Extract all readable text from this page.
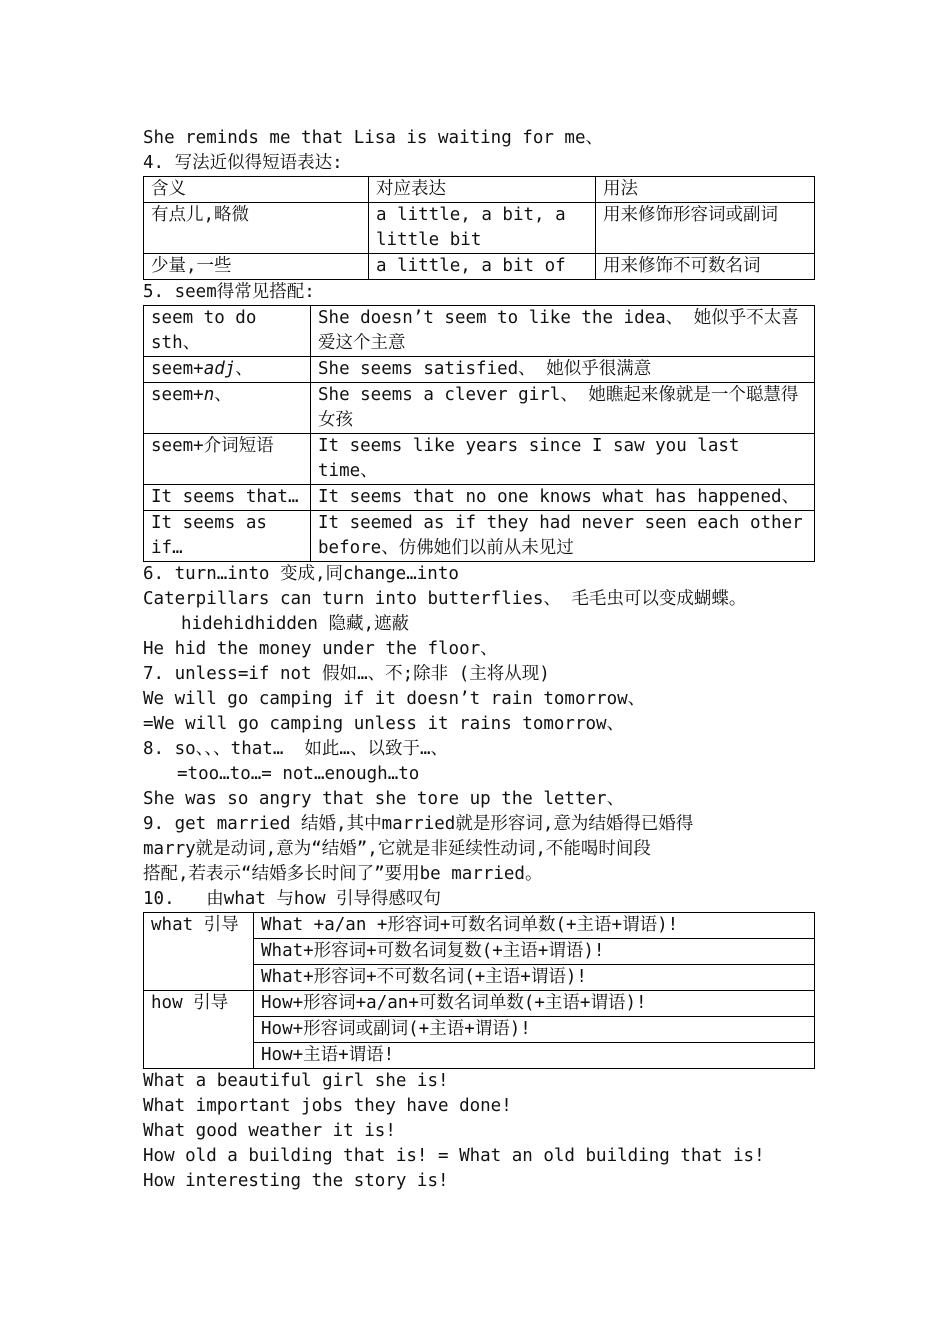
She reminds me that Lisa is waiting for me、
4. 写法近似得短语表达:
含义	对应表达	用法
有点儿,略微	a little, a bit, a little bit	用来修饰形容词或副词
少量,一些	a little, a bit of	用来修饰不可数名词
5. seem得常见搭配:
seem to do sth、	She doesn’t seem to like the idea、 她似乎不太喜爱这个主意
seem+adj、	She seems satisfied、 她似乎很满意
seem+n、	She seems a clever girl、 她瞧起来像就是一个聪慧得女孩
seem+介词短语	It seems like years since I saw you last time、
It seems that…	It seems that no one knows what has happened、
It seems as if…	It seemed as if they had never seen each other before、仿佛她们以前从未见过
6. turn…into 变成,同change…into
Caterpillars can turn into butterflies、 毛毛虫可以变成蝴蝶。
hidehidhidden 隐藏,遮蔽
He hid the money under the floor、
7. unless=if not 假如…、不;除非 (主将从现)
We will go camping if it doesn’t rain tomorrow、
=We will go camping unless it rains tomorrow、
8. so、、、that…  如此…、以致于…、
=too…to…= not…enough…to
She was so angry that she tore up the letter、
9. get married 结婚,其中married就是形容词,意为结婚得已婚得
marry就是动词,意为“结婚”,它就是非延续性动词,不能喝时间段
搭配,若表示“结婚多长时间了”要用be married。
10.   由what 与how 引导得感叹句
what 引导	What +a/an +形容词+可数名词单数(+主语+谓语)!
	What+形容词+可数名词复数(+主语+谓语)!
	What+形容词+不可数名词(+主语+谓语)!
how 引导	How+形容词+a/an+可数名词单数(+主语+谓语)!
	How+形容词或副词(+主语+谓语)!
	How+主语+谓语!
What a beautiful girl she is!
What important jobs they have done!
What good weather it is!
How old a building that is! = What an old building that is!
How interesting the story is!
